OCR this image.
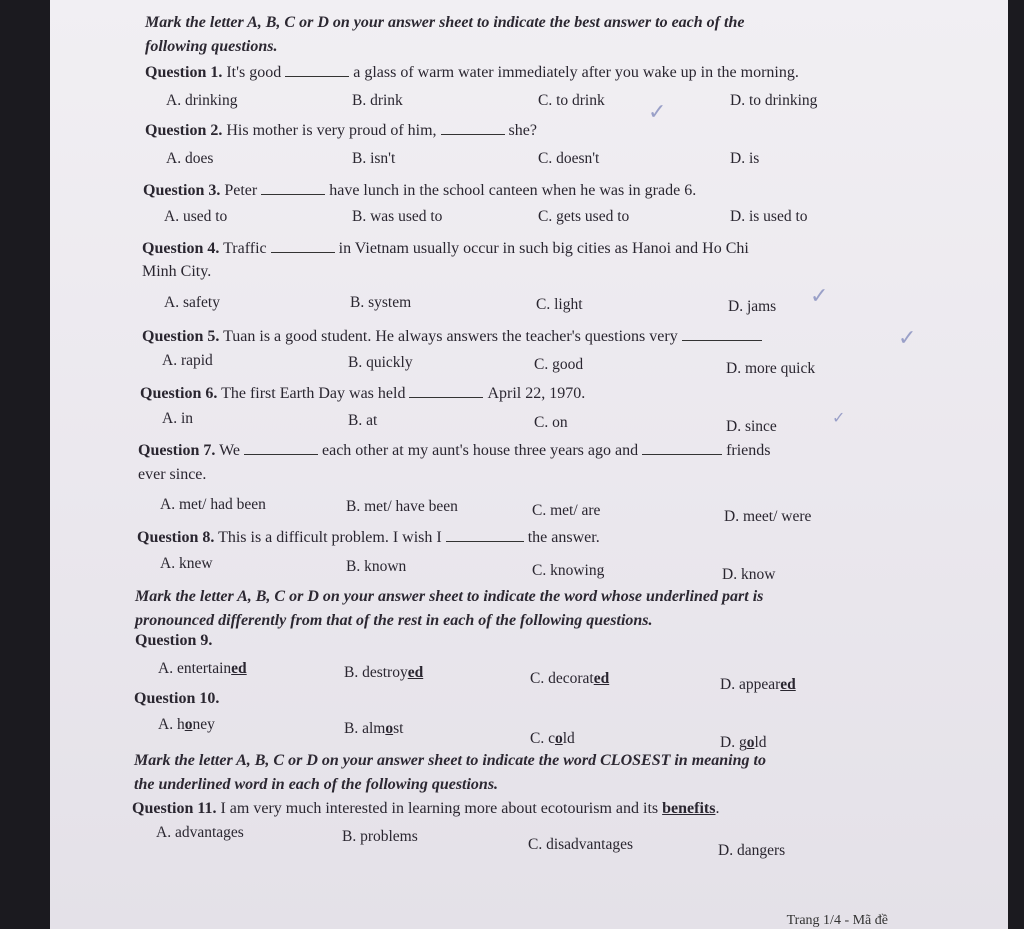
Mark the letter A, B, C or D on your answer sheet to indicate the best answer to each of the
following questions.
Question 1. It's good	a glass of warm water immediately after you wake up in the morning.
A. drinking	B. drink	C. to drink	D. to drinking
✓
Question 2. His mother is very proud of him,	she?
A. does	B. isn't	C. doesn't	D. is
Question 3. Peter	have lunch in the school canteen when he was in grade 6.
A. used to	B. was used to	C. gets used to	D. is used to
Question 4. Traffic	in Vietnam usually occur in such big cities as Hanoi and Ho Chi
Minh City.
A. safety	B. system	C. light	D. jams ✓
Question 5. Tuan is a good student. He always answers the teacher's questions very
A. rapid	B. quickly	C. good	D. more quick
✓
Question 6. The first Earth Day was held	April 22, 1970.
A. in	B. at	C. on	D. since	✓
Question 7. We	each other at my aunt's house three years ago and	friends
ever since.
A. met/ had been	B. met/ have been	C. met/ are	D. meet/ were
Question 8. This is a difficult problem. I wish I	the answer.
A. knew	B. known	C. knowing	D. know
Mark the letter A, B, C or D on your answer sheet to indicate the word whose underlined part is
pronounced differently from that of the rest in each of the following questions.
Question 9.
A. entertained	B. destroyed	C. decorated	D. appeared
Question 10.
A. honey	B. almost
C. cold	D. gold
Mark the letter A, B, C or D on your answer sheet to indicate the word CLOSEST in meaning to
the underlined word in each of the following questions.
Question 11. I am very much interested in learning more about ecotourism and its benefits.
A. advantages	B. problems	C. disadvantages	D. dangers
Trang 1/4 - Mã đề
